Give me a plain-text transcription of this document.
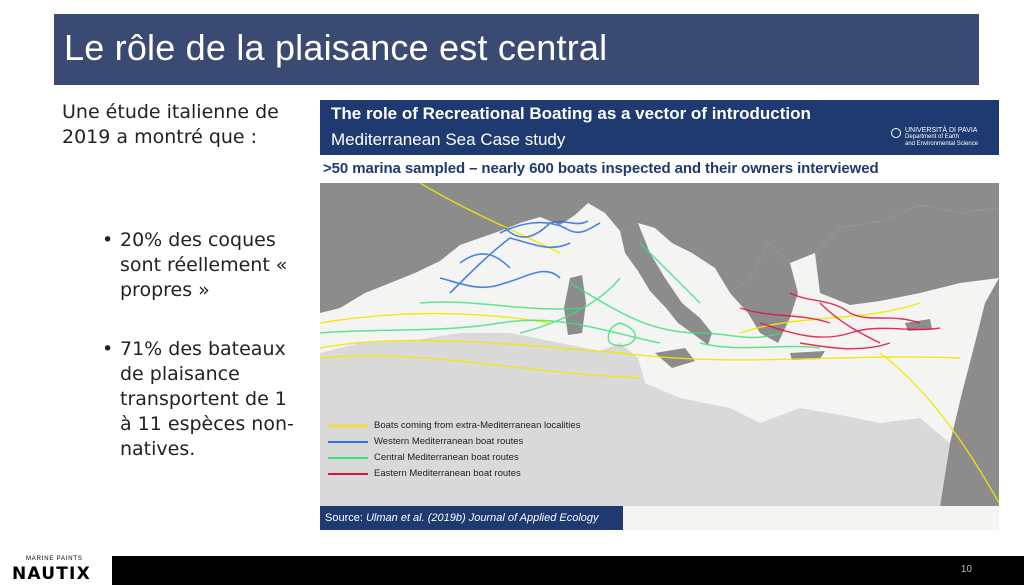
Le rôle de la plaisance est central

Une étude italienne de 2019 a montré que :

• 20% des coques sont réellement « propres »
• 71% des bateaux de plaisance transportent de 1 à 11 espèces non-natives.
The role of Recreational Boating as a vector of introduction
Mediterranean Sea Case study	UNIVERSITÀ DI PAVIA
Department of Earth
and Environmental Science
>50 marina sampled – nearly 600 boats inspected and their owners interviewed
Boats coming from extra-Mediterranean localities
Western Mediterranean boat routes
Central Mediterranean boat routes
Eastern Mediterranean boat routes
Source: Ulman et al. (2019b) Journal of Applied Ecology
MARINE PAINTS
NAUTIX	10
